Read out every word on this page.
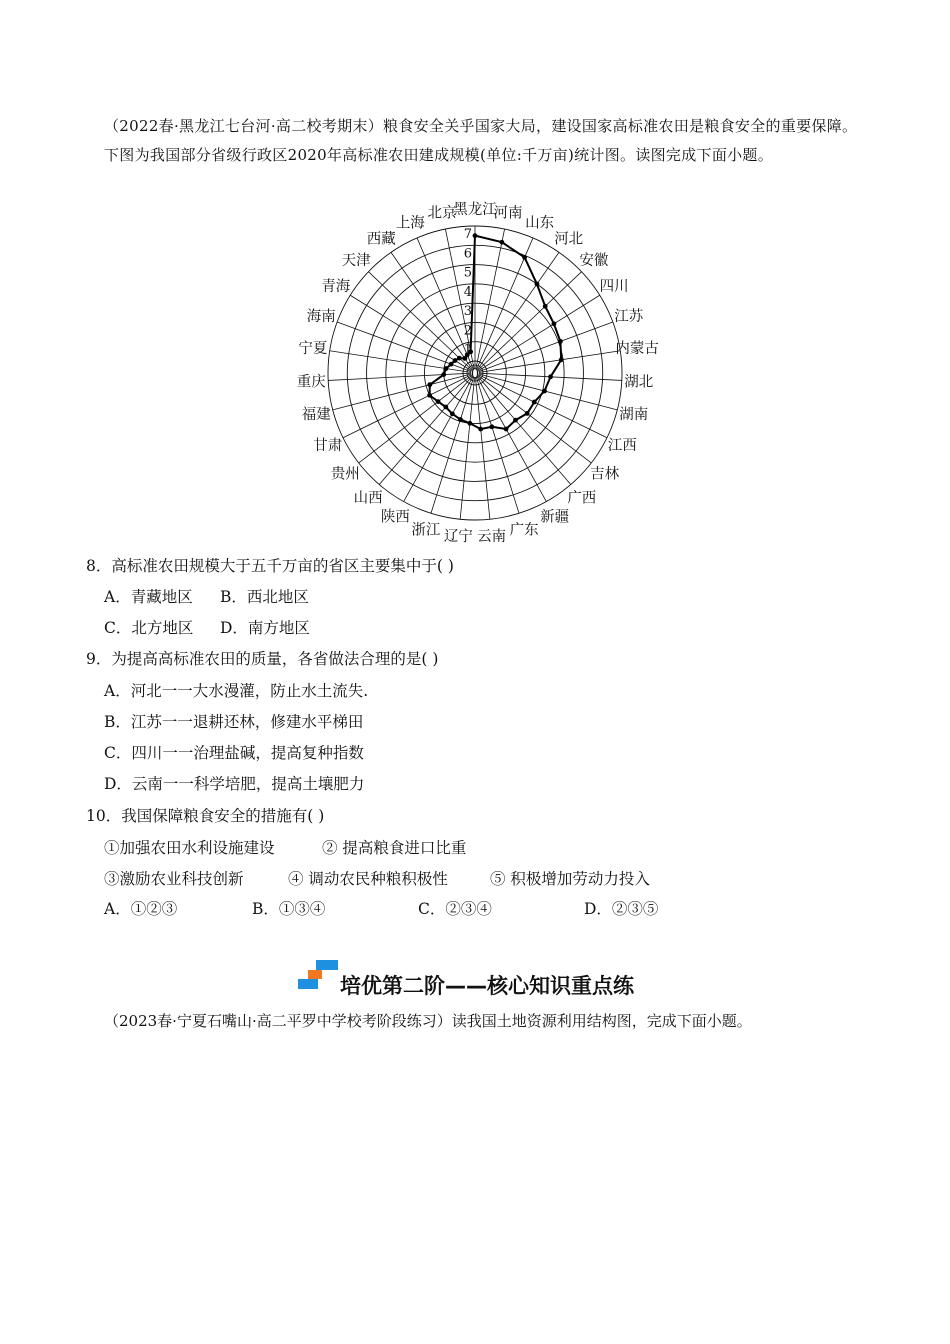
（2022春·黑龙江七台河·高二校考期末）粮食安全关乎国家大局，建设国家高标准农田是粮食安全的重要保障。下图为我国部分省级行政区2020年高标准农田建成规模(单位:千万亩)统计图。读图完成下面小题。
黑龙江
河南
山东
河北
安徽
四川
江苏
内蒙古
湖北
湖南
江西
吉林
广西
新疆
广东
云南
辽宁
浙江
陕西
山西
贵州
甘肃
福建
重庆
宁夏
海南
青海
天津
西藏
上海
北京
0
1
2
3
4
5
6
7
8．高标准农田规模大于五千万亩的省区主要集中于( )
A．青藏地区 B．西北地区
C．北方地区 D．南方地区
9．为提高高标准农田的质量，各省做法合理的是( )
A．河北一一大水漫灌，防止水土流失.
B．江苏一一退耕还林，修建水平梯田
C．四川一一治理盐碱，提高复种指数
D．云南一一科学培肥，提高土壤肥力
10．我国保障粮食安全的措施有( )
①加强农田水利设施建设	② 提高粮食进口比重
③激励农业科技创新	④ 调动农民种粮积极性	⑤ 积极增加劳动力投入
A．①②③	B．①③④	C．②③④	D．②③⑤
培优第二阶——核心知识重点练
（2023春·宁夏石嘴山·高二平罗中学校考阶段练习）读我国土地资源利用结构图，完成下面小题。
